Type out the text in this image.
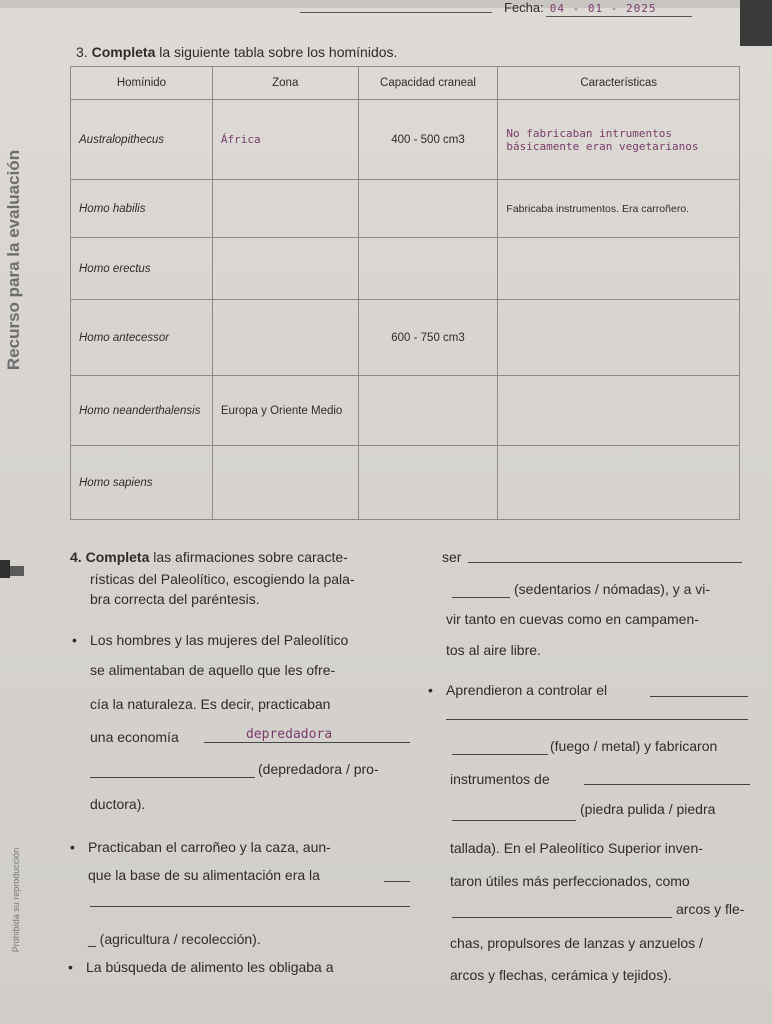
Fecha: 04 - 01 - 2025
Recurso para la evaluación
Prohibida su reproducción
3. Completa la siguiente tabla sobre los homínidos.
Homínido	Zona	Capacidad craneal	Características
Australopithecus	África	400 - 500 cm3	No fabricaban intrumentos básicamente eran vegetarianos
Homo habilis			Fabricaba instrumentos. Era carroñero.
Homo erectus			
Homo antecessor		600 - 750 cm3	
Homo neanderthalensis	Europa y Oriente Medio		
Homo sapiens			
4. Completa las afirmaciones sobre caracte-
rísticas del Paleolítico, escogiendo la pala-
bra correcta del paréntesis.
• Los hombres y las mujeres del Paleolítico
se alimentaban de aquello que les ofre-
cía la naturaleza. Es decir, practicaban
una economía	depredadora
(depredadora / pro-
ductora).
• Practicaban el carroñeo y la caza, aun-
que la base de su alimentación era la
_ (agricultura / recolección).
• La búsqueda de alimento les obligaba a
ser
(sedentarios / nómadas), y a vi-
vir tanto en cuevas como en campamen-
tos al aire libre.
• Aprendieron a controlar el
(fuego / metal) y fabricaron
instrumentos de
(piedra pulida / piedra
tallada). En el Paleolítico Superior inven-
taron útiles más perfeccionados, como
arcos y fle-
chas, propulsores de lanzas y anzuelos /
arcos y flechas, cerámica y tejidos).
